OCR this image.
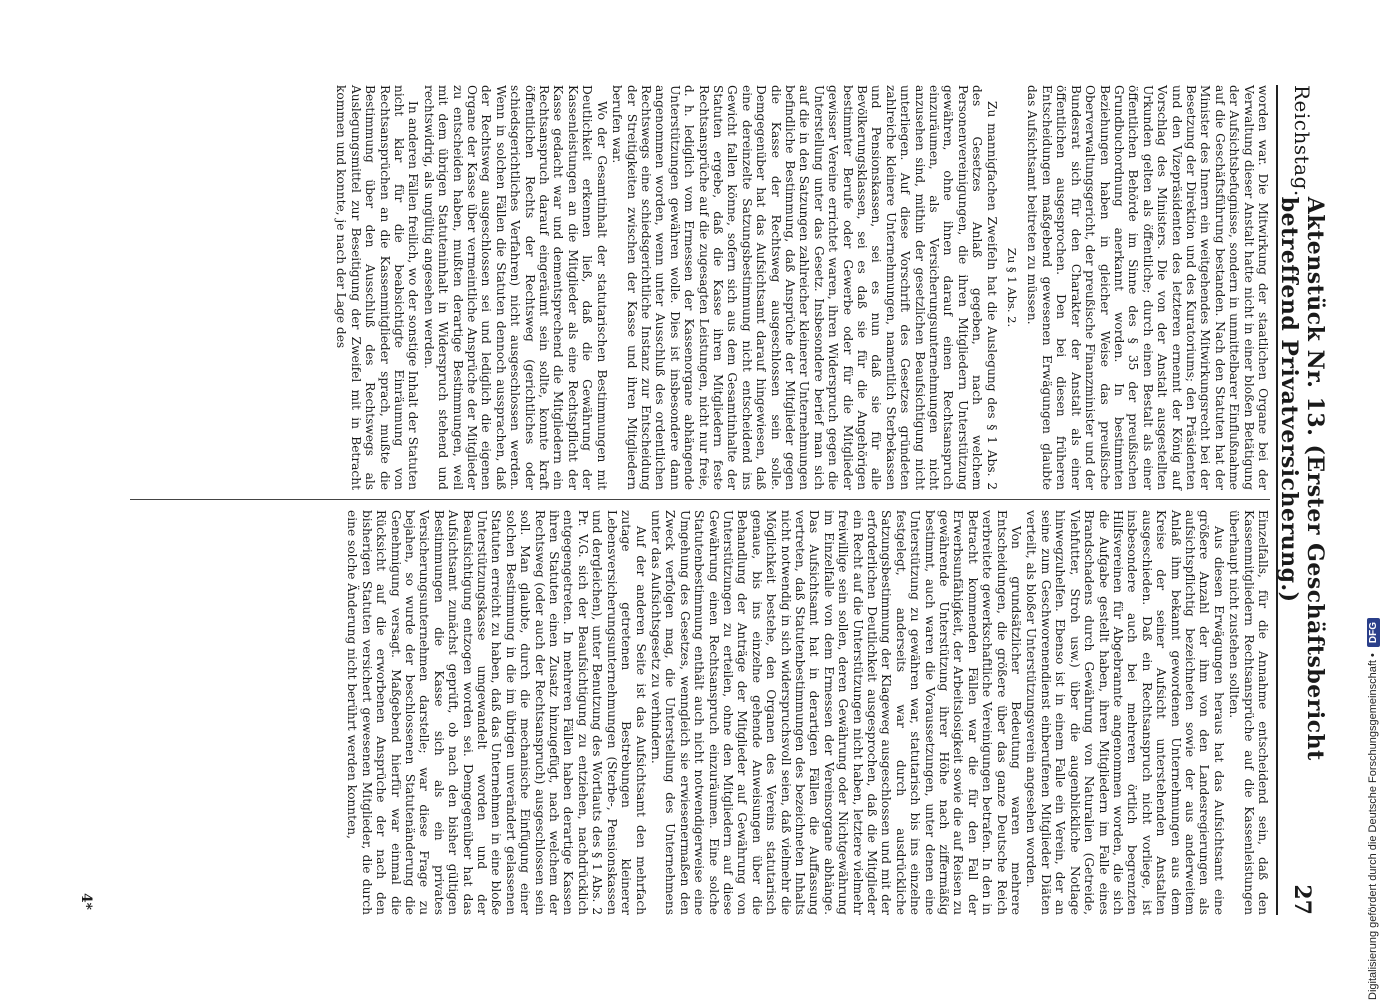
Reichstag.
Aktenstück Nr. 13. (Erster Geschäftsbericht betreffend Privatversicherung.)
27

worden war. Die Mitwirkung der staatlichen Organe bei der Verwaltung dieser Anstalt hatte nicht in einer bloßen Betätigung der Aufsichtsbefugnisse, sondern in unmittelbarer Einflußnahme auf die Geschäftsführung bestanden. Nach den Statuten hat der Minister des Innern ein weitgehendes Mitwirkungsrecht bei der Besetzung der Direktion und des Kuratoriums; den Präsidenten und den Vizepräsidenten des letzteren ernennt der König auf Vorschlag des Ministers. Die von der Anstalt ausgestellten Urkunden gelten als öffentliche; durch einen Bestalt als einer öffentlichen Behörde im Sinne des § 35 der preußischen Grundbuchordnung anerkannt worden. In bestimmten Beziehungen haben in gleicher Weise das preußische Oberverwaltungsgericht, der preußische Finanzminister und der Bundesrat sich für den Charakter der Anstalt als einer öffentlichen ausgesprochen. Den bei diesen früheren Entscheidungen maßgebend gewesenen Erwägungen glaubte das Aufsichtsamt beitreten zu müssen.

Zu § 1 Abs. 2.

Zu mannigfachen Zweifeln hat die Auslegung des § 1 Abs. 2 des Gesetzes Anlaß gegeben, nach welchem Personenvereinigungen, die ihren Mitgliedern Unterstützung gewähren, ohne ihnen darauf einen Rechtsanspruch einzuräumen, als Versicherungsunternehmungen nicht anzusehen sind, mithin der gesetzlichen Beaufsichtigung nicht unterliegen. Auf diese Vorschrift des Gesetzes gründeten zahlreiche kleinere Unternehmungen, namentlich Sterbekassen und Pensionskassen, sei es nun daß sie für alle Bevölkerungsklassen, sei es daß sie für die Angehörigen bestimmter Berufe oder Gewerbe oder für die Mitglieder gewisser Vereine errichtet waren, ihren Widerspruch gegen die Unterstellung unter das Gesetz. Insbesondere berief man sich auf die in den Satzungen zahlreicher kleinerer Unternehmungen befindliche Bestimmung, daß Ansprüche der Mitglieder gegen die Kasse der Rechtsweg ausgeschlossen sein solle. Demgegenüber hat das Aufsichtsamt darauf hingewiesen, daß eine dereinzelte Satzungsbestimmung nicht entscheidend ins Gewicht fallen könne, sofern sich aus dem Gesamtinhalte der Statuten ergebe, daß die Kasse ihren Mitgliedern feste Rechtsansprüche auf die zugesagten Leistungen, nicht nur freie, d. h. lediglich vom Ermessen der Kassenorgane abhängende Unterstützungen gewähren wolle. Dies ist insbesondere dann angenommen worden, wenn unter Ausschluß des ordentlichen Rechtswegs eine schiedsgerichtliche Instanz zur Entscheidung der Streitigkeiten zwischen der Kasse und ihren Mitgliedern berufen war.

Wo der Gesamtinhalt der statutarischen Bestimmungen mit Deutlichkeit erkennen ließ, daß die Gewährung der Kassenleistungen an die Mitglieder als eine Rechtspflicht der Kasse gedacht war und dementsprechend die Mitgliedern ein Rechtsanspruch darauf eingeräumt sein sollte, konnte kraft öffentlichen Rechts der Rechtsweg (gerichtliches oder schiedsgerichtliches Verfahren) nicht ausgeschlossen werden. Wenn in solchen Fällen die Statuten dennoch aussprachen, daß der Rechtsweg ausgeschlossen sei und lediglich die eigenen Organe der Kasse über vermeintliche Ansprüche der Mitglieder zu entscheiden haben, mußten derartige Bestimmungen, weil mit dem übrigen Statuteninhalt in Widerspruch stehend und rechtswidrig, als ungültig angesehen werden.

In anderen Fällen freilich, wo der sonstige Inhalt der Statuten nicht klar für die beabsichtigte Einräumung von Rechtsansprüchen an die Kassenmitglieder sprach, mußte die Bestimmung über den Ausschluß des Rechtswegs als Auslegungsmittel zur Beseitigung der Zweifel mit in Betracht kommen und konnte, je nach der Lage des

Einzelfalls, für die Annahme entscheidend sein, daß den Kassenmitgliedern Rechtsansprüche auf die Kassenleistungen überhaupt nicht zustehen sollten.

Aus diesen Erwägungen heraus hat das Aufsichtsamt eine größere Anzahl der ihm von den Landesregierungen als aufsichtspflichtig bezeichneten sowie der aus anderweitem Anlaß ihm bekannt gewordenen Unternehmungen aus dem Kreise der seiner Aufsicht unterstehenden Anstalten ausgeschieden. Daß ein Rechtsanspruch nicht vorliege, ist insbesondere auch bei mehreren örtlich begrenzten Hilfsvereinen für Abgebrannte angenommen worden, die sich die Aufgabe gestellt haben, ihren Mitgliedern im Falle eines Brandschadens durch Gewährung von Naturalien (Getreide, Viehfutter, Stroh usw.) über die augenblickliche Notlage hinwegzuhelfen. Ebenso ist in einem Falle ein Verein, der an seine zum Geschworenendienst einberufenen Mitglieder Diäten verteilt, als bloßer Unterstützungsverein angesehen worden.

Von grundsätzlicher Bedeutung waren mehrere Entscheidungen, die größere über das ganze Deutsche Reich verbreitete gewerkschaftliche Vereinigungen betrafen. In den in Betracht kommenden Fällen war die für den Fall der Erwerbsunfähigkeit, der Arbeitslosigkeit sowie die auf Reisen zu gewährende Unterstützung ihrer Höhe nach ziffermäßig bestimmt, auch waren die Voraussetzungen, unter denen eine Unterstützung zu gewähren war, statutarisch bis ins einzelne festgelegt, anderseits war durch ausdrückliche Satzungsbestimmung der Klageweg ausgeschlossen und mit der erforderlichen Deutlichkeit ausgesprochen, daß die Mitglieder ein Recht auf die Unterstützungen nicht haben, letztere vielmehr freiwillige sein sollen, deren Gewährung oder Nichtgewährung im Einzelfalle von dem Ermessen der Vereinsorgane abhänge. Das Aufsichtsamt hat in derartigen Fällen die Auffassung vertreten, daß Statutenbestimmungen des bezeichneten Inhalts nicht notwendig in sich widerspruchsvoll seien, daß vielmehr die Möglichkeit bestehe, den Organen des Vereins statutarisch genaue, bis ins einzelne gehende Anweisungen über die Behandlung der Anträge der Mitglieder auf Gewährung von Unterstützungen zu erteilen, ohne den Mitgliedern auf diese Gewährung einen Rechtsanspruch einzuräumen. Eine solche Statutenbestimmung enthält auch nicht notwendigerweise eine Umgehung des Gesetzes, wenngleich sie erwiesenermaßen den Zweck verfolgen mag, die Unterstellung des Unternehmens unter das Aufsichtsgesetz zu verhindern.

Auf der anderen Seite ist das Aufsichtsamt den mehrfach zutage getretenen Bestrebungen kleinerer Lebensversicherungsunternehmungen (Sterbe-, Pensionskassen und dergleichen), unter Benutzung des Wortlauts des § 1 Abs. 2 Pr. V.G. sich der Beaufsichtigung zu entziehen, nachdrücklich entgegengetreten. In mehreren Fällen haben derartige Kassen ihren Statuten einen Zusatz hinzugefügt, nach welchem der Rechtsweg (oder auch der Rechtsanspruch) ausgeschlossen sein soll. Man glaubte, durch die mechanische Einfügung einer solchen Bestimmung in die im übrigen unverändert gelassenen Statuten erreicht zu haben, daß das Unternehmen in eine bloße Unterstützungskasse umgewandelt worden und der Beaufsichtigung entzogen worden sei. Demgegenüber hat das Aufsichtsamt zunächst geprüft, ob nach den bisher gültigen Bestimmungen die Kasse sich als ein privates Versicherungsunternehmen darstelle; war diese Frage zu bejahen, so wurde der beschlossenen Statutenänderung die Genehmigung versagt. Maßgebend hierfür war einmal die Rücksicht auf die erworbenen Ansprüche der nach den bisherigen Statuten versichert gewesenen Mitglieder, die durch eine solche Änderung nicht berührt werden konnten,

4*	Digitalisierung gefördert durch die Deutsche Forschungsgemeinschaft •
DFG
